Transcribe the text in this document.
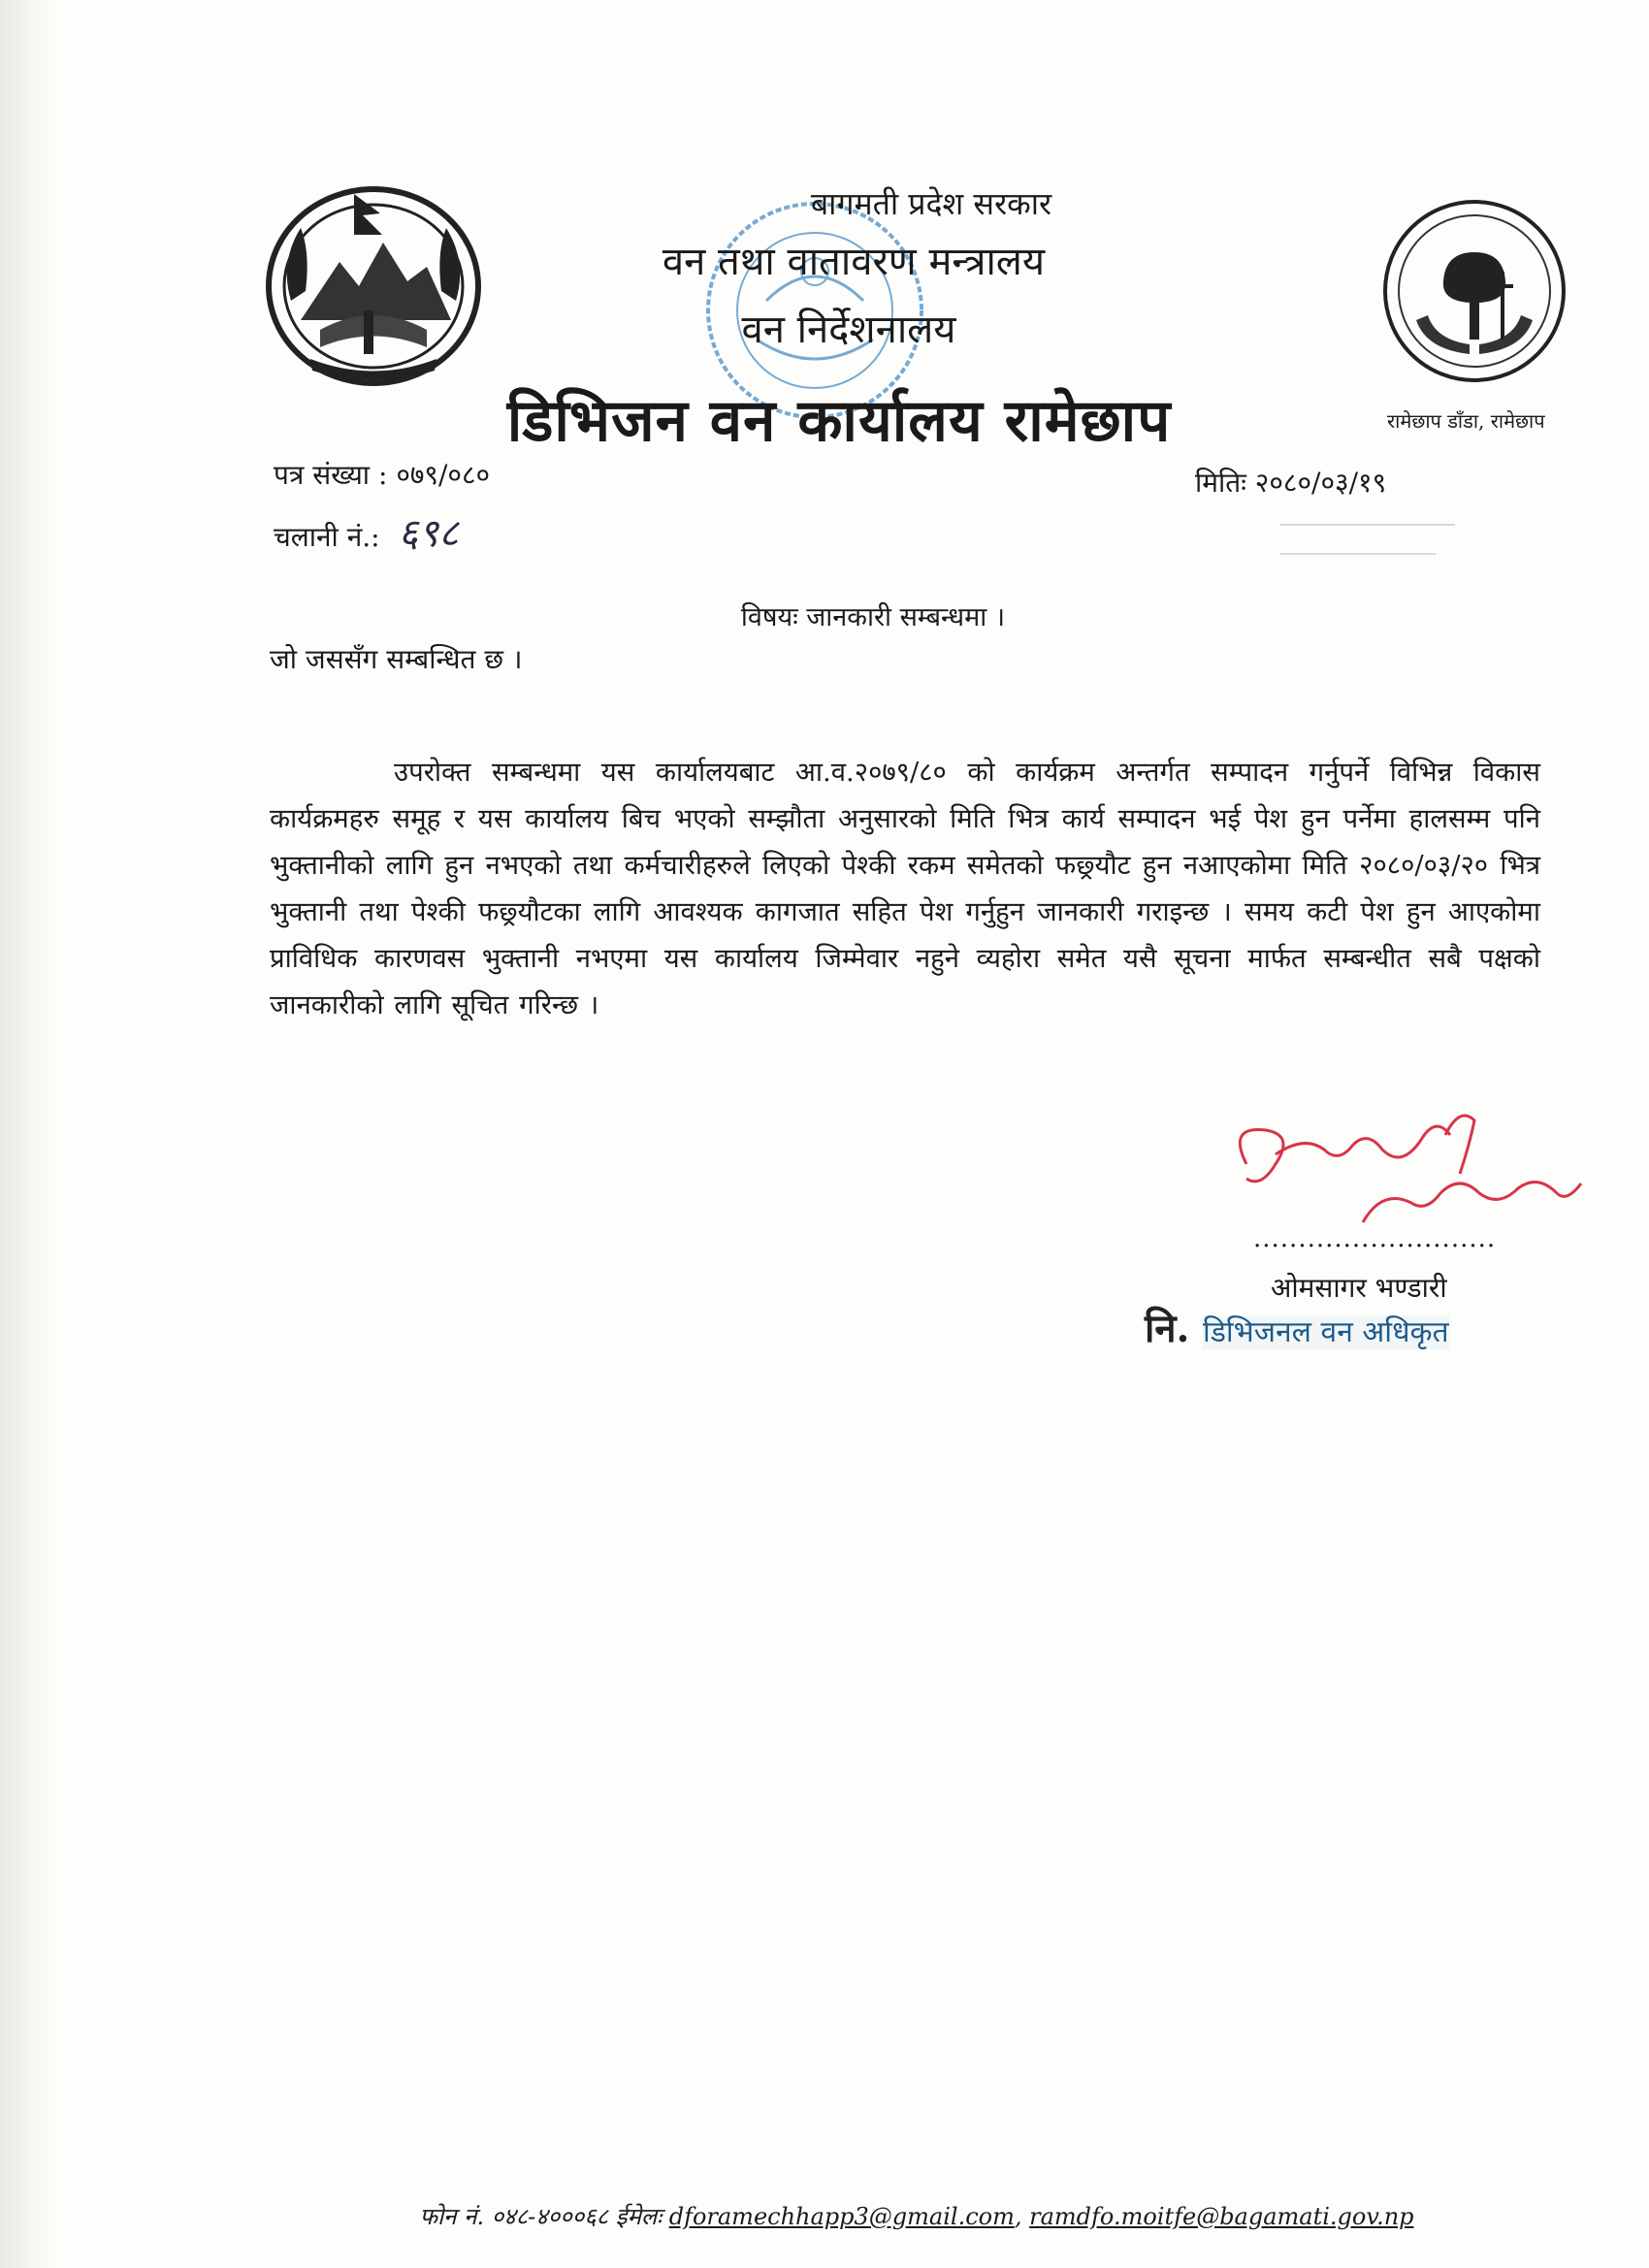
बागमती प्रदेश सरकार
वन तथा वातावरण मन्त्रालय
वन निर्देशनालय
डिभिजन वन कार्यालय रामेछाप	रामेछाप डाँडा, रामेछाप
पत्र संख्या : ०७९/०८०
चलानी नं.: ६९८
मितिः २०८०/०३/१९
विषयः जानकारी सम्बन्धमा ।
जो जससँग सम्बन्धित छ ।
उपरोक्त सम्बन्धमा यस कार्यालयबाट आ.व.२०७९/८० को कार्यक्रम अन्तर्गत सम्पादन गर्नुपर्ने विभिन्न विकास कार्यक्रमहरु समूह र यस कार्यालय बिच भएको सम्झौता अनुसारको मिति भित्र कार्य सम्पादन भई पेश हुन पर्नेमा हालसम्म पनि भुक्तानीको लागि हुन नभएको तथा कर्मचारीहरुले लिएको पेश्की रकम समेतको फछ्र्यौट हुन नआएकोमा मिति २०८०/०३/२० भित्र भुक्तानी तथा पेश्की फछ्र्यौटका लागि आवश्यक कागजात सहित पेश गर्नुहुन जानकारी गराइन्छ । समय कटी पेश हुन आएकोमा प्राविधिक कारणवस भुक्तानी नभएमा यस कार्यालय जिम्मेवार नहुने व्यहोरा समेत यसै सूचना मार्फत सम्बन्धीत सबै पक्षको जानकारीको लागि सूचित गरिन्छ ।
...........................
ओमसागर भण्डारी
नि. डिभिजनल वन अधिकृत
फोन नं. ०४८-४०००६८ ईमेलः dforamechhapp3@gmail.com, ramdfo.moitfe@bagamati.gov.np
